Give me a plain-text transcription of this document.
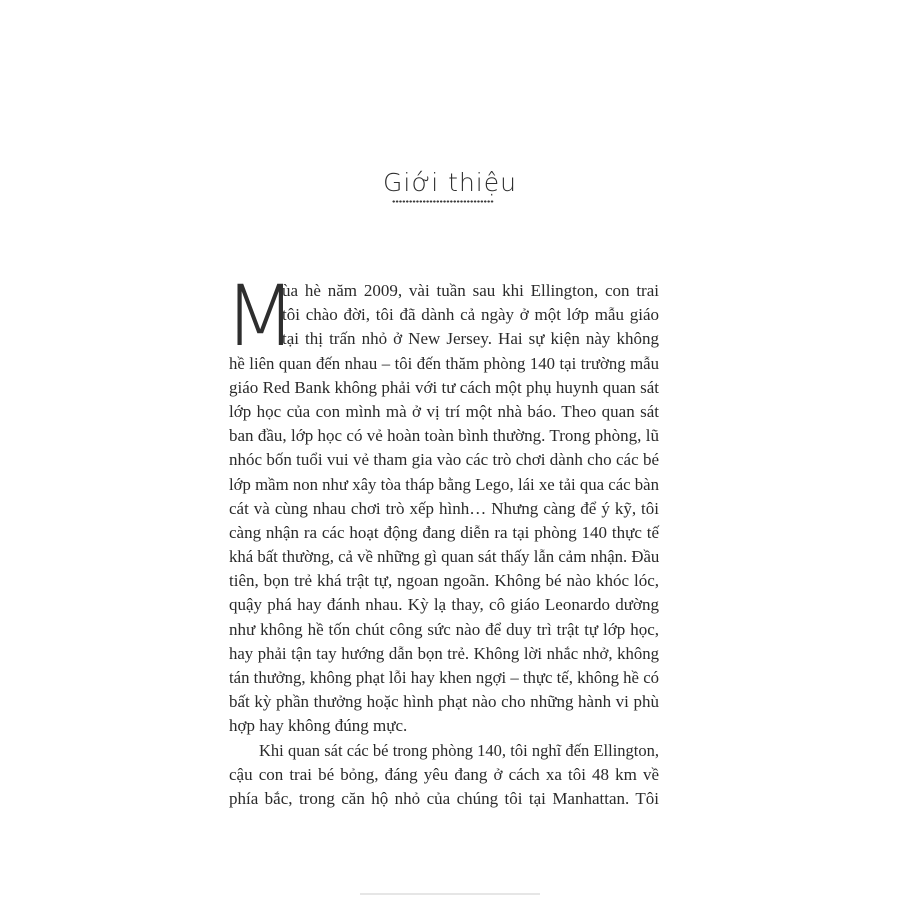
Giới thiệu
M
ùa hè năm 2009, vài tuần sau khi Ellington, con trai
tôi chào đời, tôi đã dành cả ngày ở một lớp mẫu giáo
tại thị trấn nhỏ ở New Jersey. Hai sự kiện này không
hề liên quan đến nhau – tôi đến thăm phòng 140 tại trường mẫu
giáo Red Bank không phải với tư cách một phụ huynh quan sát
lớp học của con mình mà ở vị trí một nhà báo. Theo quan sát
ban đầu, lớp học có vẻ hoàn toàn bình thường. Trong phòng, lũ
nhóc bốn tuổi vui vẻ tham gia vào các trò chơi dành cho các bé
lớp mầm non như xây tòa tháp bằng Lego, lái xe tải qua các bàn
cát và cùng nhau chơi trò xếp hình… Nhưng càng để ý kỹ, tôi
càng nhận ra các hoạt động đang diễn ra tại phòng 140 thực tế
khá bất thường, cả về những gì quan sát thấy lẫn cảm nhận. Đầu
tiên, bọn trẻ khá trật tự, ngoan ngoãn. Không bé nào khóc lóc,
quậy phá hay đánh nhau. Kỳ lạ thay, cô giáo Leonardo dường
như không hề tốn chút công sức nào để duy trì trật tự lớp học,
hay phải tận tay hướng dẫn bọn trẻ. Không lời nhắc nhở, không
tán thưởng, không phạt lỗi hay khen ngợi – thực tế, không hề có
bất kỳ phần thưởng hoặc hình phạt nào cho những hành vi phù
hợp hay không đúng mực.
Khi quan sát các bé trong phòng 140, tôi nghĩ đến Ellington,
cậu con trai bé bỏng, đáng yêu đang ở cách xa tôi 48 km về
phía bắc, trong căn hộ nhỏ của chúng tôi tại Manhattan. Tôi
